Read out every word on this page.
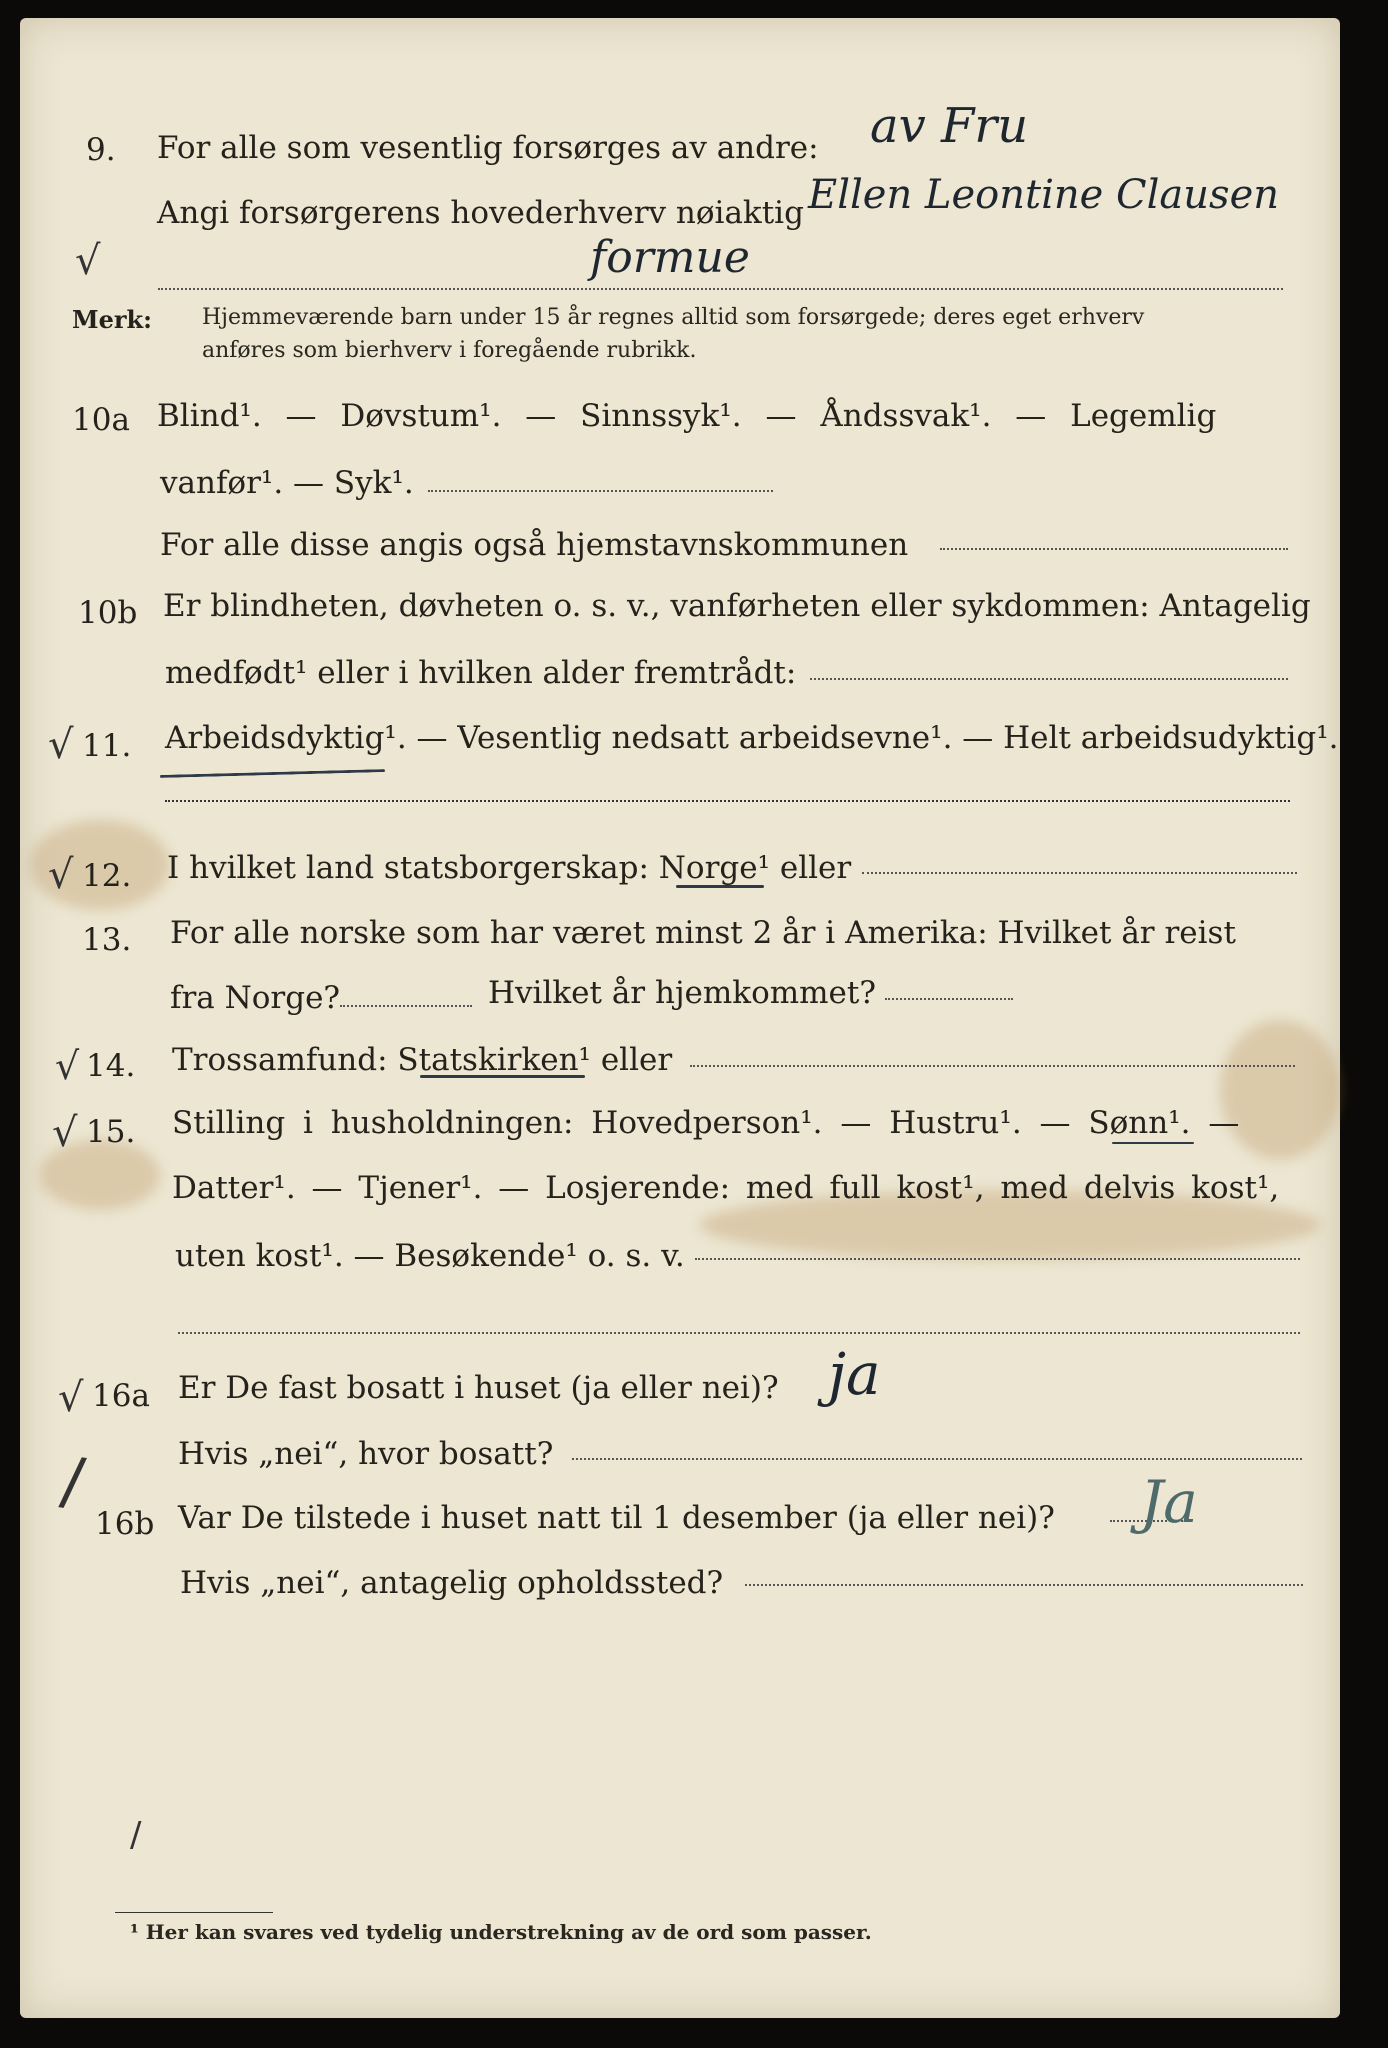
9. For alle som vesentlig forsørges av andre: av Fru
Angi forsørgerens hovederhverv nøiaktig Ellen Leontine Clausen
√	formue
Merk: Hjemmeværende barn under 15 år regnes alltid som forsørgede; deres eget erhverv
anføres som bierhverv i foregående rubrikk.
10a Blind¹. — Døvstum¹. — Sinnssyk¹. — Åndssvak¹. — Legemlig
vanfør¹. — Syk¹.
For alle disse angis også hjemstavnskommunen
10b Er blindheten, døvheten o. s. v., vanførheten eller sykdommen: Antagelig
medfødt¹ eller i hvilken alder fremtrådt:
√ 11. Arbeidsdyktig¹. — Vesentlig nedsatt arbeidsevne¹. — Helt arbeidsudyktig¹.
√ 12. I hvilket land statsborgerskap: Norge¹ eller
13. For alle norske som har været minst 2 år i Amerika: Hvilket år reist
fra Norge?	Hvilket år hjemkommet?
√ 14. Trossamfund: Statskirken¹ eller
√ 15. Stilling i husholdningen: Hovedperson¹. — Hustru¹. — Sønn¹. —
Datter¹. — Tjener¹. — Losjerende: med full kost¹, med delvis kost¹,
uten kost¹. — Besøkende¹ o. s. v.
√ 16a Er De fast bosatt i huset (ja eller nei)? ja
Hvis „nei“, hvor bosatt?
/
16b Var De tilstede i huset natt til 1 desember (ja eller nei)? Ja
Hvis „nei“, antagelig opholdssted?
/
¹ Her kan svares ved tydelig understrekning av de ord som passer.
